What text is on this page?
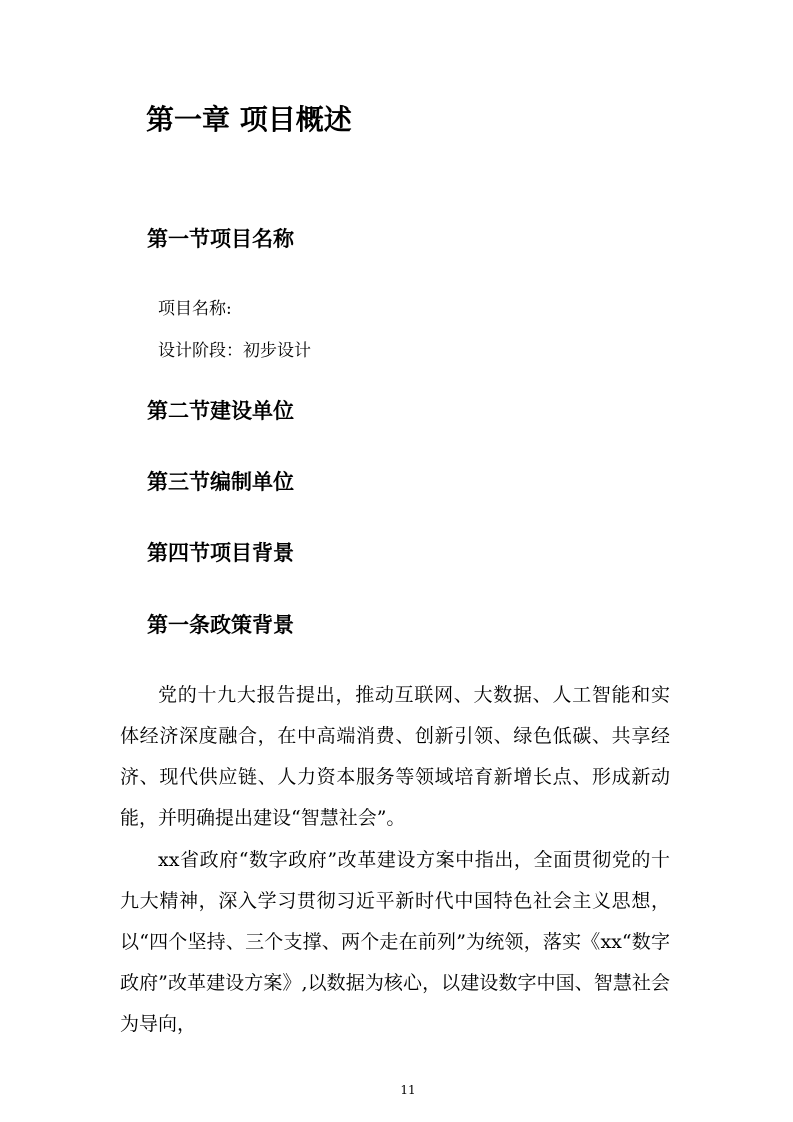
第一章 项目概述
第一节项目名称
项目名称:
设计阶段：初步设计
第二节建设单位
第三节编制单位
第四节项目背景
第一条政策背景

党的十九大报告提出，推动互联网、大数据、人工智能和实体经济深度融合，在中高端消费、创新引领、绿色低碳、共享经济、现代供应链、人力资本服务等领域培育新增长点、形成新动能，并明确提出建设“智慧社会”。

xx省政府“数字政府”改革建设方案中指出，全面贯彻党的十九大精神，深入学习贯彻习近平新时代中国特色社会主义思想，以“四个坚持、三个支撑、两个走在前列”为统领，落实《xx“数字政府”改革建设方案》,以数据为核心，以建设数字中国、智慧社会为导向，

11
